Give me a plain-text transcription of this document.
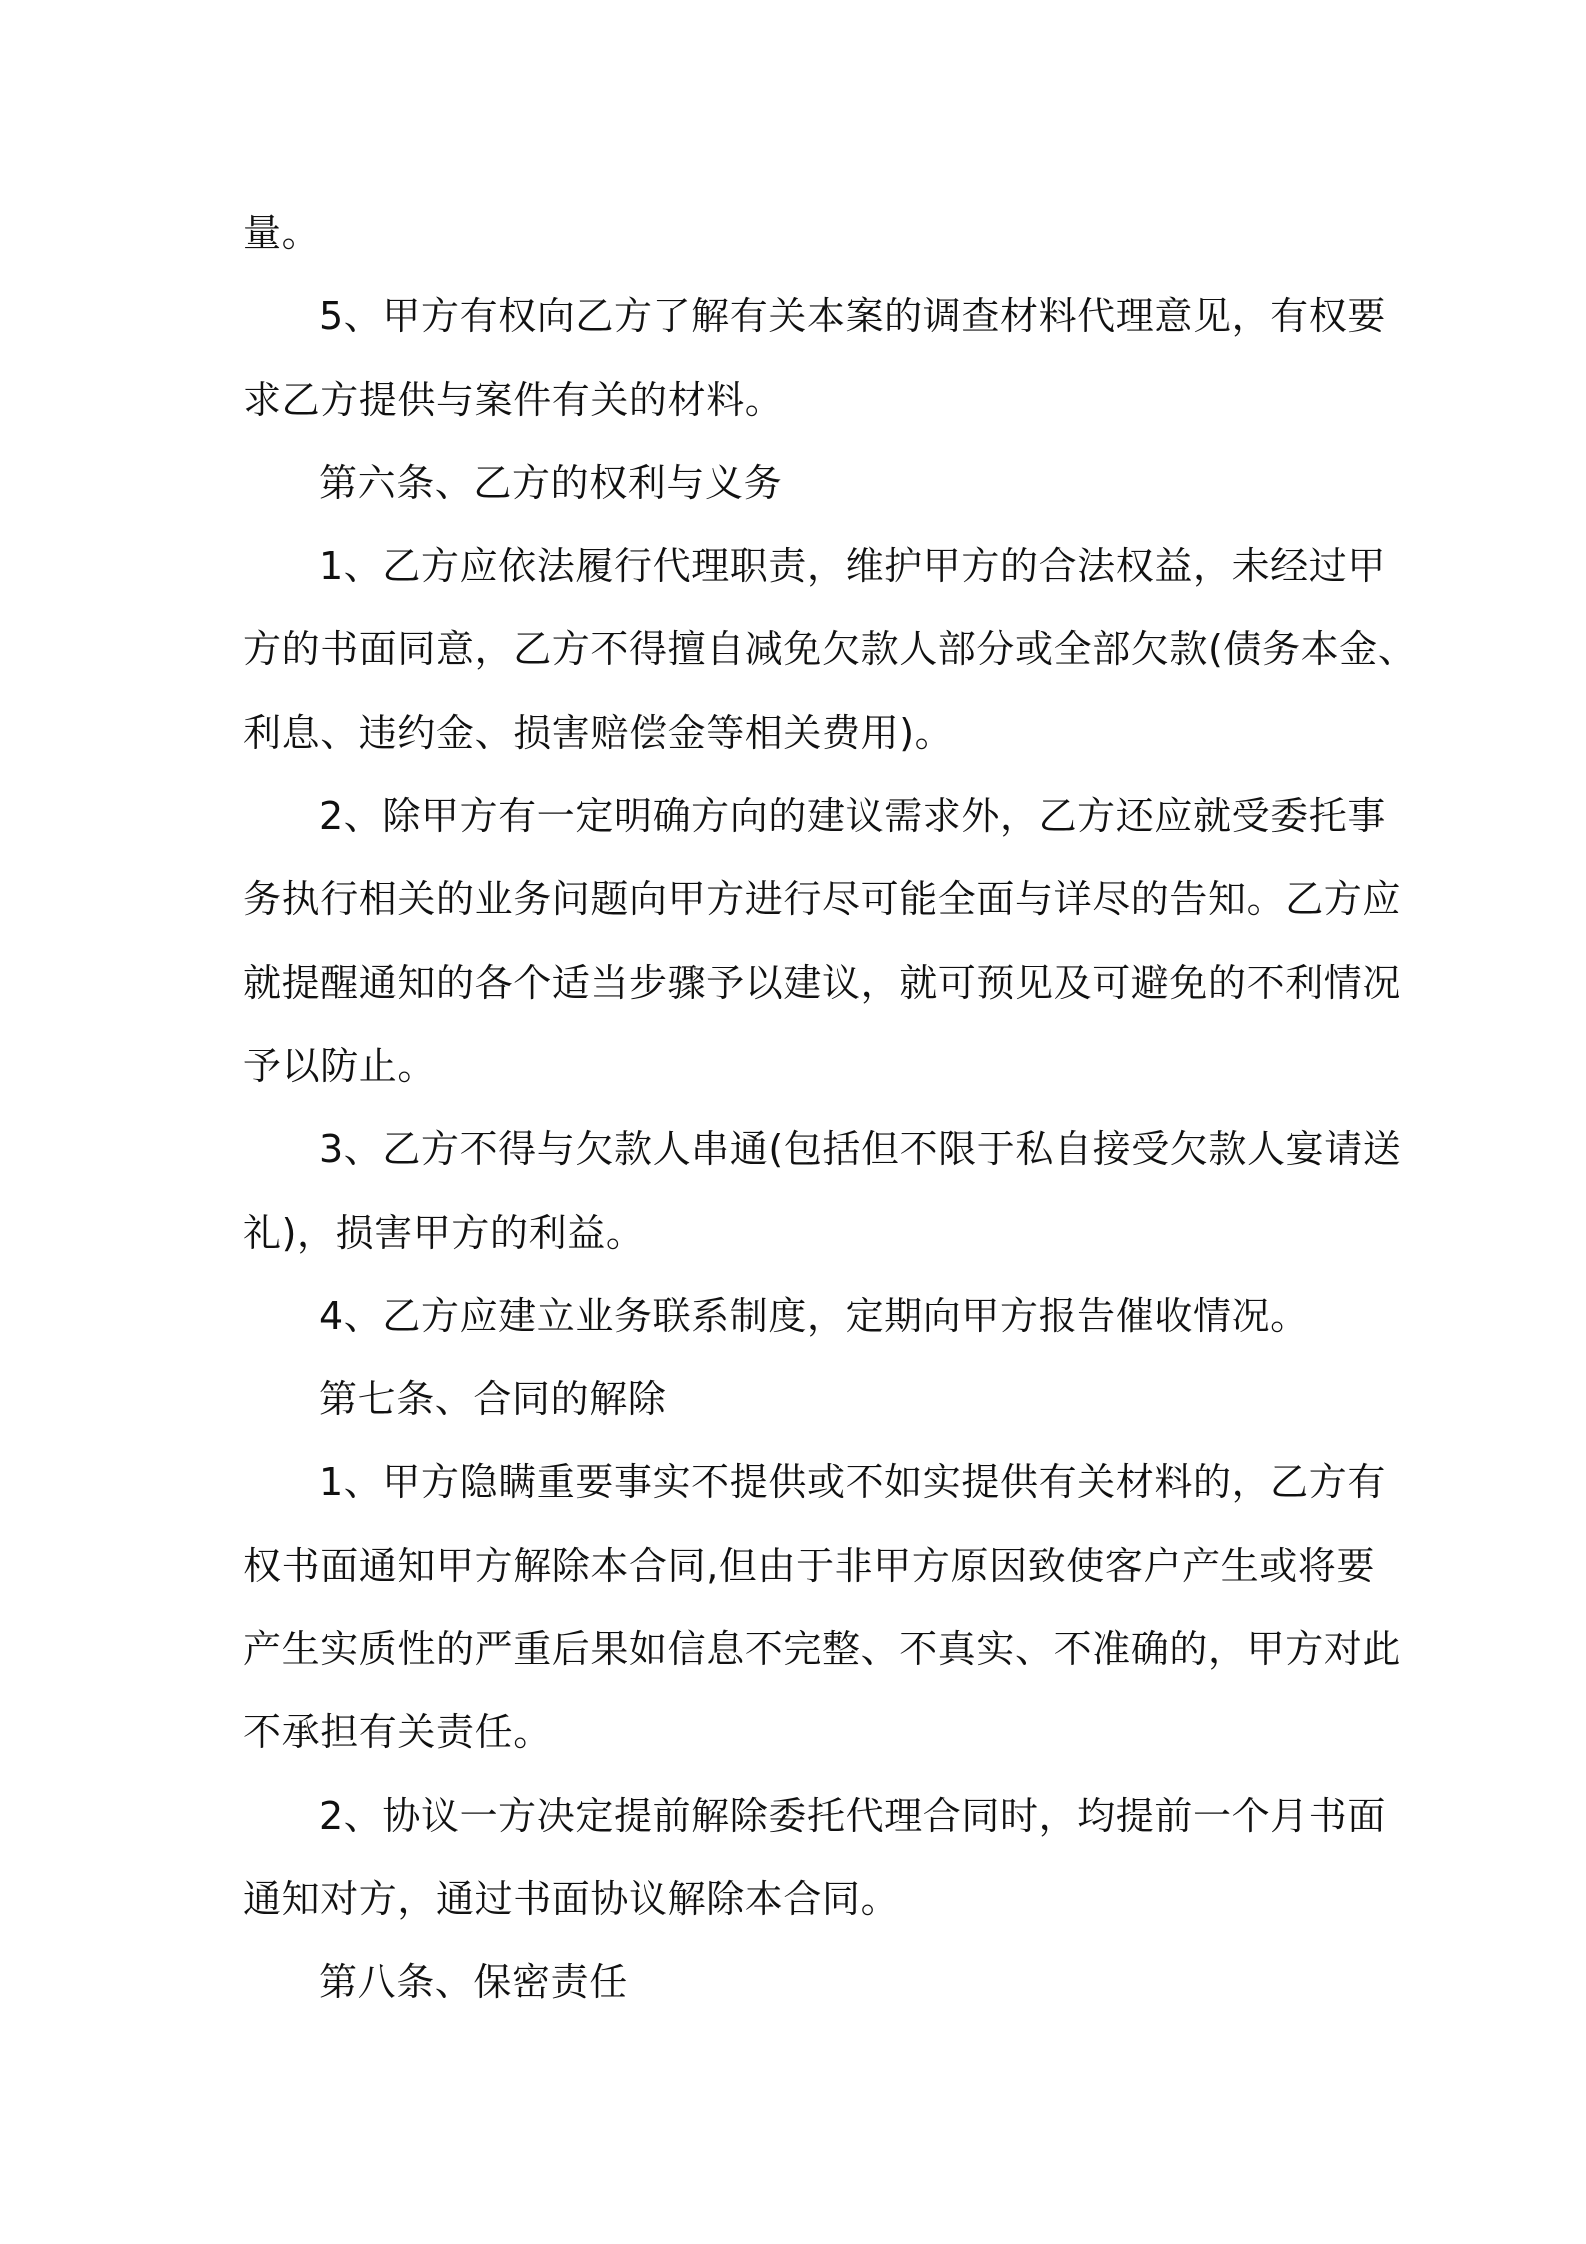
量。
5、甲方有权向乙方了解有关本案的调查材料代理意见，有权要
求乙方提供与案件有关的材料。
第六条、乙方的权利与义务
1、乙方应依法履行代理职责，维护甲方的合法权益，未经过甲
方的书面同意，乙方不得擅自减免欠款人部分或全部欠款(债务本金、
利息、违约金、损害赔偿金等相关费用)。
2、除甲方有一定明确方向的建议需求外，乙方还应就受委托事
务执行相关的业务问题向甲方进行尽可能全面与详尽的告知。乙方应
就提醒通知的各个适当步骤予以建议，就可预见及可避免的不利情况
予以防止。
3、乙方不得与欠款人串通(包括但不限于私自接受欠款人宴请送
礼)，损害甲方的利益。
4、乙方应建立业务联系制度，定期向甲方报告催收情况。
第七条、合同的解除
1、甲方隐瞒重要事实不提供或不如实提供有关材料的，乙方有
权书面通知甲方解除本合同,但由于非甲方原因致使客户产生或将要
产生实质性的严重后果如信息不完整、不真实、不准确的，甲方对此
不承担有关责任。
2、协议一方决定提前解除委托代理合同时，均提前一个月书面
通知对方，通过书面协议解除本合同。
第八条、保密责任
